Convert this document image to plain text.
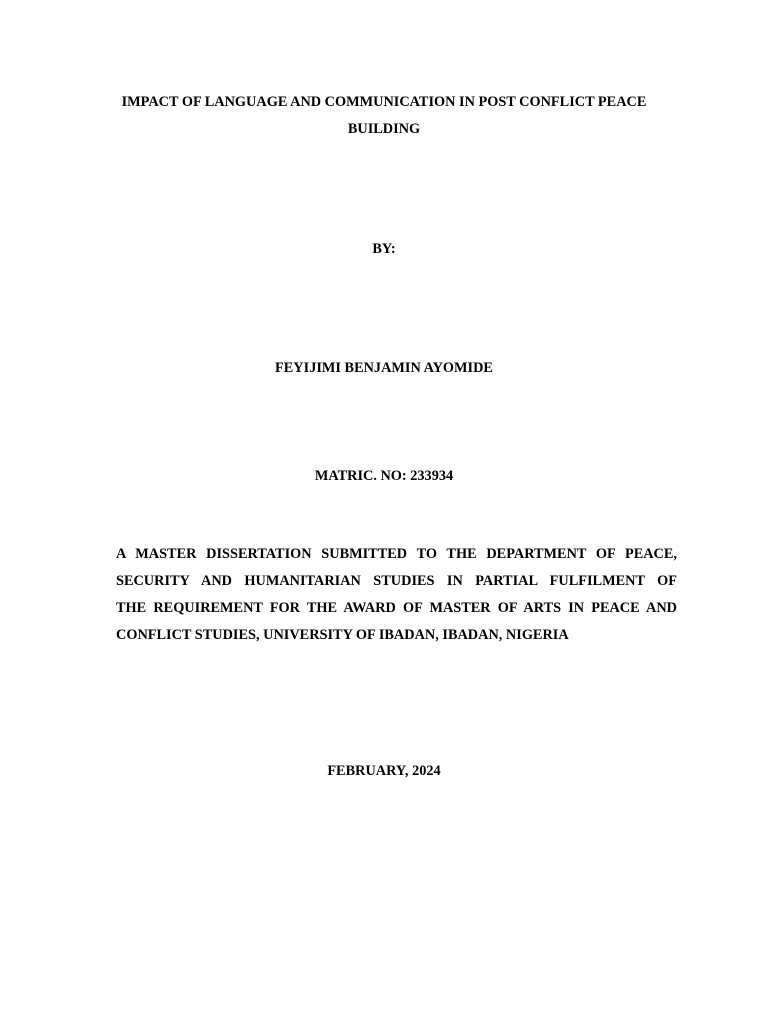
IMPACT OF LANGUAGE AND COMMUNICATION IN POST CONFLICT PEACE
BUILDING
BY:
FEYIJIMI BENJAMIN AYOMIDE
MATRIC. NO: 233934
A MASTER DISSERTATION SUBMITTED TO THE DEPARTMENT OF PEACE,
SECURITY AND HUMANITARIAN STUDIES IN PARTIAL FULFILMENT OF
THE REQUIREMENT FOR THE AWARD OF MASTER OF ARTS IN PEACE AND
CONFLICT STUDIES, UNIVERSITY OF IBADAN, IBADAN, NIGERIA
FEBRUARY, 2024
